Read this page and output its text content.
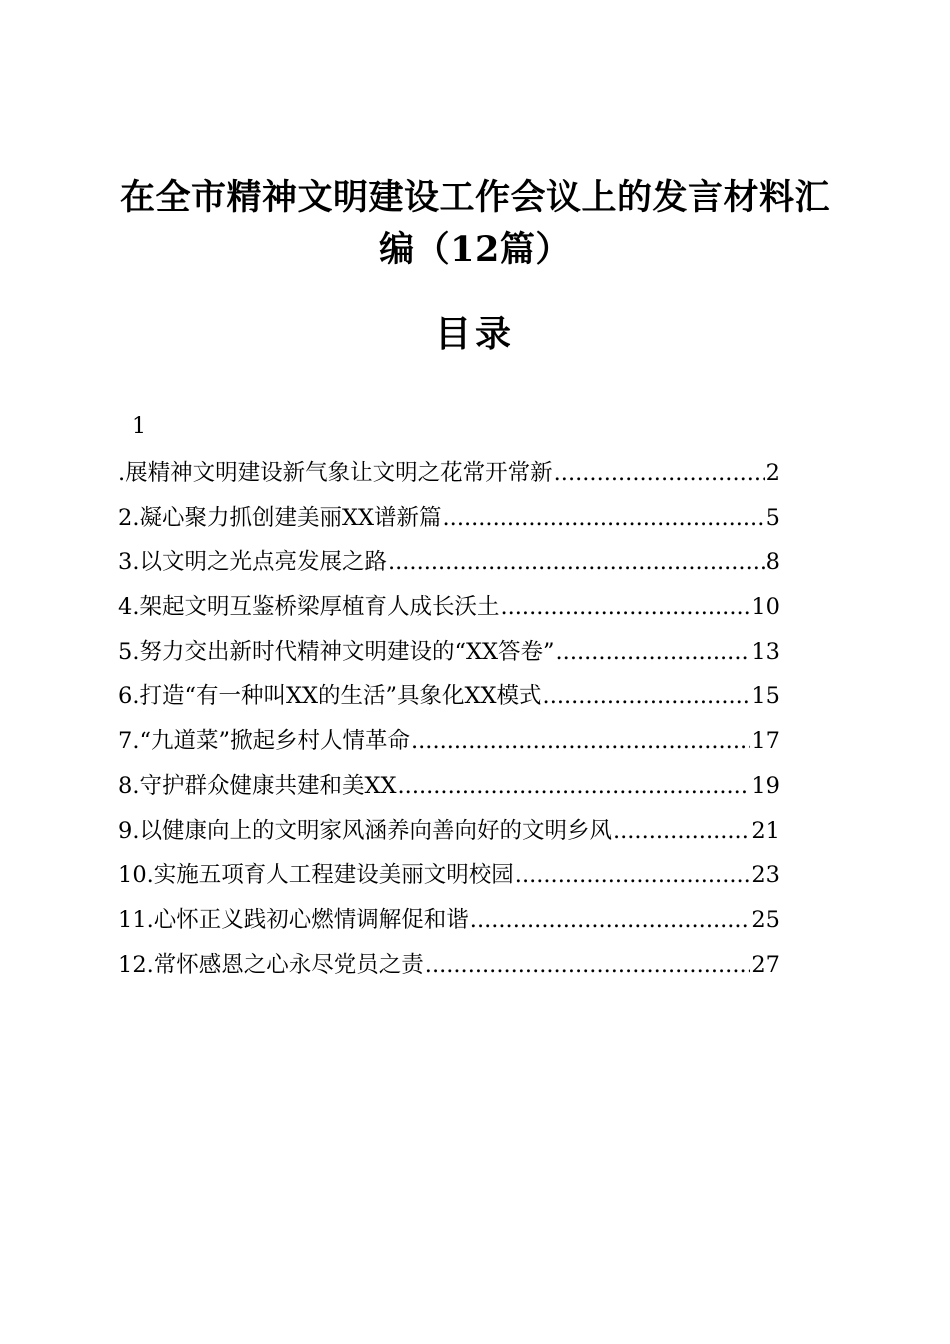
在全市精神文明建设工作会议上的发言材料汇
编（12篇）
目录
1
.展精神文明建设新气象让文明之花常开常新 .....	2
2.凝心聚力抓创建美丽XX谱新篇 .....	5
3.以文明之光点亮发展之路 .....	8
4.架起文明互鉴桥梁厚植育人成长沃土 .....	10
5.努力交出新时代精神文明建设的“XX答卷” .....	13
6.打造“有一种叫XX的生活”具象化XX模式 .....	15
7.“九道菜”掀起乡村人情革命 .....	17
8.守护群众健康共建和美XX .....	19
9.以健康向上的文明家风涵养向善向好的文明乡风 .....	21
10.实施五项育人工程建设美丽文明校园 .....	23
11.心怀正义践初心燃情调解促和谐 .....	25
12.常怀感恩之心永尽党员之责 .....	27
